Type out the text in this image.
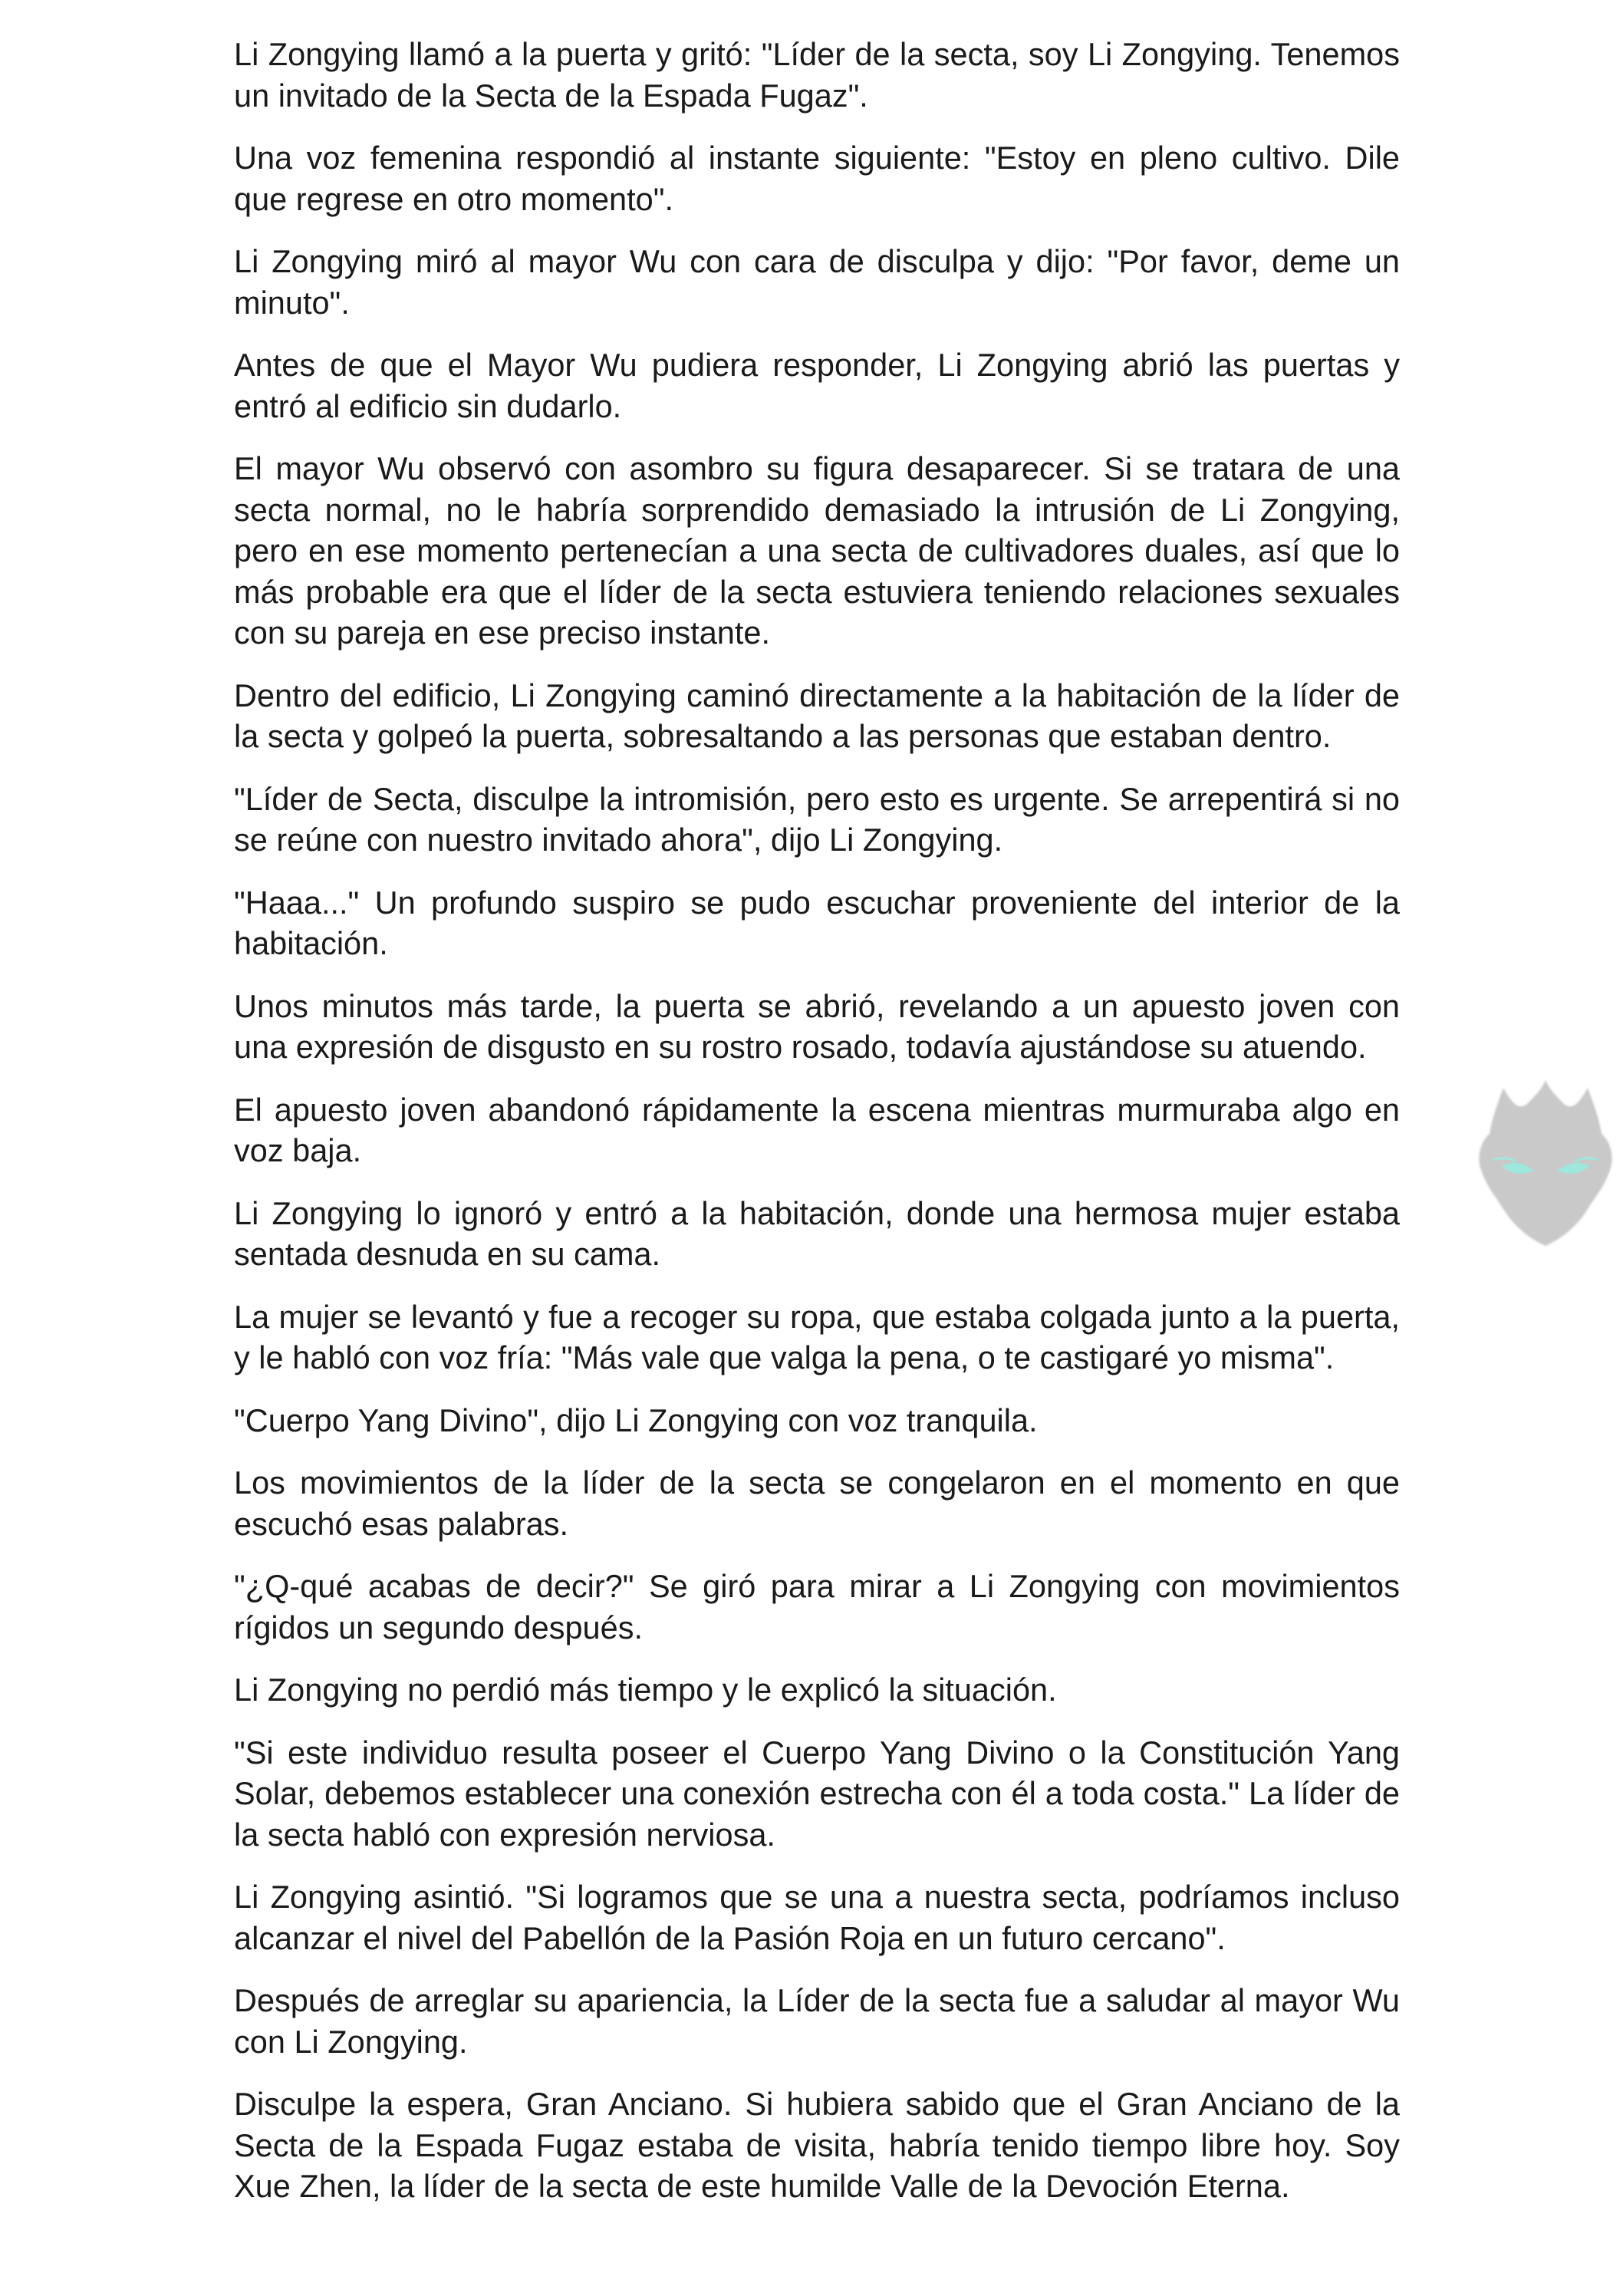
Li Zongying llamó a la puerta y gritó: "Líder de la secta, soy Li Zongying. Tenemos un invitado de la Secta de la Espada Fugaz".

Una voz femenina respondió al instante siguiente: "Estoy en pleno cultivo. Dile que regrese en otro momento".

Li Zongying miró al mayor Wu con cara de disculpa y dijo: "Por favor, deme un minuto".

Antes de que el Mayor Wu pudiera responder, Li Zongying abrió las puertas y entró al edificio sin dudarlo.

El mayor Wu observó con asombro su figura desaparecer. Si se tratara de una secta normal, no le habría sorprendido demasiado la intrusión de Li Zongying, pero en ese momento pertenecían a una secta de cultivadores duales, así que lo más probable era que el líder de la secta estuviera teniendo relaciones sexuales con su pareja en ese preciso instante.

Dentro del edificio, Li Zongying caminó directamente a la habitación de la líder de la secta y golpeó la puerta, sobresaltando a las personas que estaban dentro.

"Líder de Secta, disculpe la intromisión, pero esto es urgente. Se arrepentirá si no se reúne con nuestro invitado ahora", dijo Li Zongying.

"Haaa..." Un profundo suspiro se pudo escuchar proveniente del interior de la habitación.

Unos minutos más tarde, la puerta se abrió, revelando a un apuesto joven con una expresión de disgusto en su rostro rosado, todavía ajustándose su atuendo.

El apuesto joven abandonó rápidamente la escena mientras murmuraba algo en voz baja.

Li Zongying lo ignoró y entró a la habitación, donde una hermosa mujer estaba sentada desnuda en su cama.

La mujer se levantó y fue a recoger su ropa, que estaba colgada junto a la puerta, y le habló con voz fría: "Más vale que valga la pena, o te castigaré yo misma".

"Cuerpo Yang Divino", dijo Li Zongying con voz tranquila.

Los movimientos de la líder de la secta se congelaron en el momento en que escuchó esas palabras.

"¿Q-qué acabas de decir?" Se giró para mirar a Li Zongying con movimientos rígidos un segundo después.

Li Zongying no perdió más tiempo y le explicó la situación.

"Si este individuo resulta poseer el Cuerpo Yang Divino o la Constitución Yang Solar, debemos establecer una conexión estrecha con él a toda costa." La líder de la secta habló con expresión nerviosa.

Li Zongying asintió. "Si logramos que se una a nuestra secta, podríamos incluso alcanzar el nivel del Pabellón de la Pasión Roja en un futuro cercano".

Después de arreglar su apariencia, la Líder de la secta fue a saludar al mayor Wu con Li Zongying.

Disculpe la espera, Gran Anciano. Si hubiera sabido que el Gran Anciano de la Secta de la Espada Fugaz estaba de visita, habría tenido tiempo libre hoy. Soy Xue Zhen, la líder de la secta de este humilde Valle de la Devoción Eterna.
